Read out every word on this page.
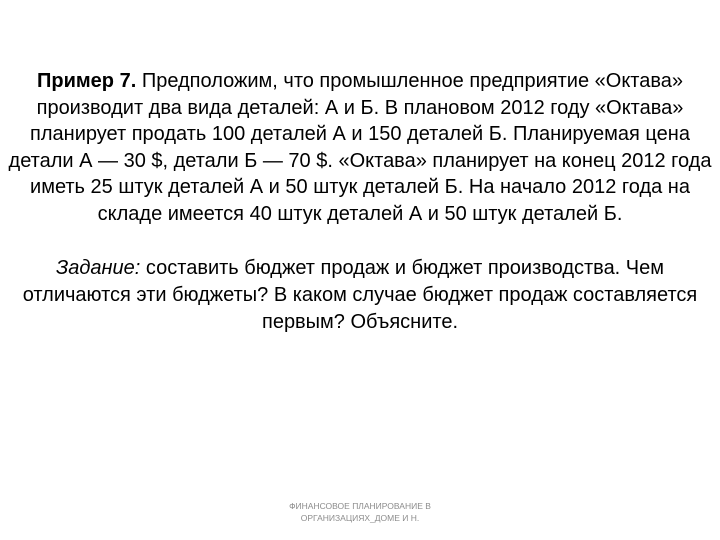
Пример 7. Предположим, что промышленное предприятие «Октава» производит два вида деталей: А и Б. В плановом 2012 году «Октава» планирует продать 100 деталей А и 150 деталей Б. Планируемая цена детали А — 30 $, детали Б — 70 $. «Октава» планирует на конец 2012 года иметь 25 штук деталей А и 50 штук деталей Б. На начало 2012 года на складе имеется 40 штук деталей А и 50 штук деталей Б.

Задание: составить бюджет продаж и бюджет производства. Чем отличаются эти бюджеты? В каком случае бюджет продаж составляется первым? Объясните.

ФИНАНСОВОЕ ПЛАНИРОВАНИЕ В
ОРГАНИЗАЦИЯХ_ДОМЕ И Н.
